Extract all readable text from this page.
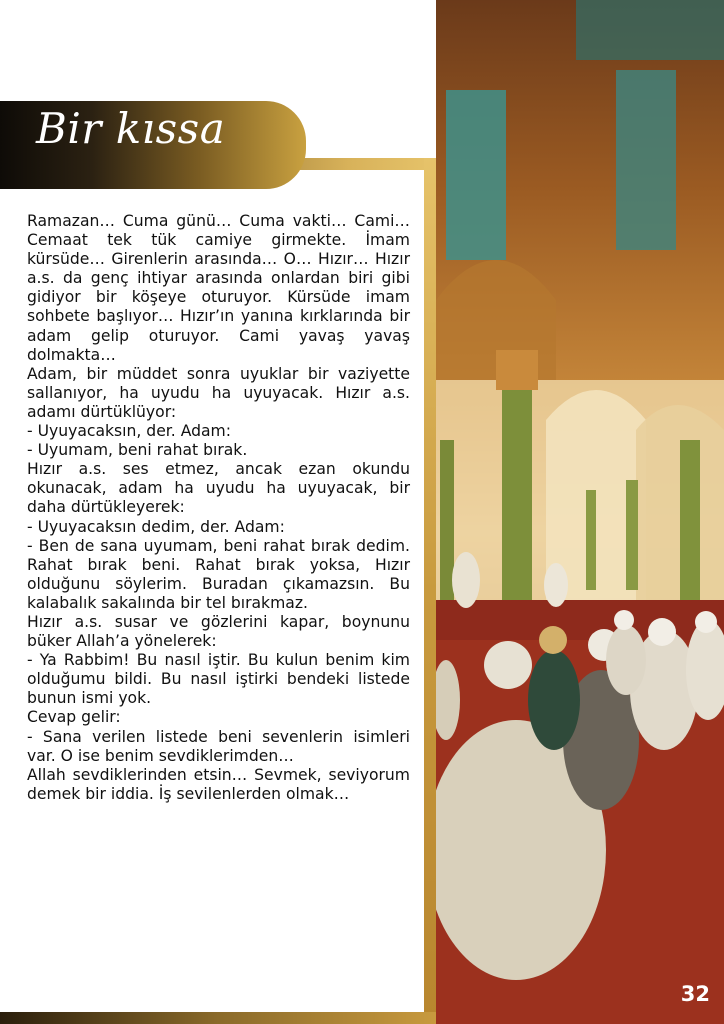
Bir kıssa

Ramazan… Cuma günü… Cuma vakti… Cami… Cemaat tek tük camiye girmekte. İmam kürsüde… Girenlerin arasında… O… Hızır… Hızır a.s. da genç ihtiyar arasında onlardan biri gibi gidiyor bir köşeye oturuyor. Kürsüde imam sohbete başlıyor… Hızır’ın yanına kırklarında bir adam gelip oturuyor. Cami yavaş yavaş dolmakta…

Adam, bir müddet sonra uyuklar bir vaziyette sallanıyor, ha uyudu ha uyuyacak. Hızır a.s. adamı dürtüklüyor:

- Uyuyacaksın, der. Adam:

- Uyumam, beni rahat bırak.

Hızır a.s. ses etmez, ancak ezan okundu okunacak, adam ha uyudu ha uyuyacak, bir daha dürtükleyerek:

- Uyuyacaksın dedim, der. Adam:

- Ben de sana uyumam, beni rahat bırak dedim. Rahat bırak beni. Rahat bırak yoksa, Hızır olduğunu söylerim. Buradan çıkamazsın. Bu kalabalık sakalında bir tel bırakmaz.

Hızır a.s. susar ve gözlerini kapar, boynunu büker Allah’a yönelerek:

- Ya Rabbim! Bu nasıl iştir. Bu kulun benim kim olduğumu bildi. Bu nasıl iştirki bendeki listede bunun ismi yok.

Cevap gelir:

- Sana verilen listede beni sevenlerin isimleri var. O ise benim sevdiklerimden…

Allah sevdiklerinden etsin… Sevmek, seviyorum demek bir iddia. İş sevilenlerden olmak…

32
